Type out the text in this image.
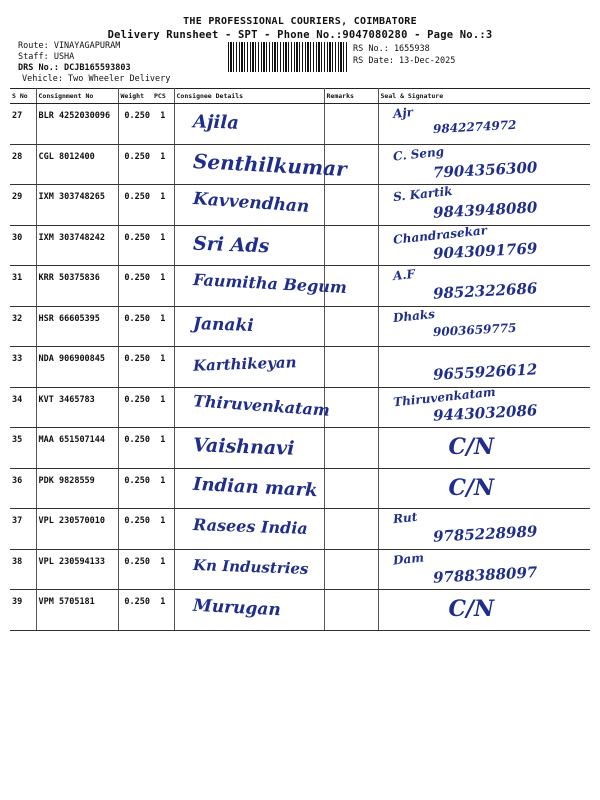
THE PROFESSIONAL COURIERS, COIMBATORE
Delivery Runsheet - SPT - Phone No.:9047080280 - Page No.:3
Route: VINAYAGAPURAM
Staff: USHA
DRS No.: DCJB165593803
Vehicle: Two Wheeler Delivery
RS No.: 1655938
RS Date: 13-Dec-2025
S No	Consignment No	Weight	PCS	Consignee Details	Remarks	Seal & Signature
27	BLR 4252030096	0.250	1	Ajila		Ajr
9842274972

28	CGL 8012400	0.250	1	Senthilkumar		C. Seng
7904356300

29	IXM 303748265	0.250	1	Kavvendhan		S. Kartik
9843948080

30	IXM 303748242	0.250	1	Sri Ads		Chandrasekar
9043091769

31	KRR 50375836	0.250	1	Faumitha Begum		A.F
9852322686

32	HSR 66605395	0.250	1	Janaki		Dhaks
9003659775

33	NDA 906900845	0.250	1	Karthikeyan		9655926612

34	KVT 3465783	0.250	1	Thiruvenkatam		Thiruvenkatam
9443032086

35	MAA 651507144	0.250	1	Vaishnavi		C/N

36	PDK 9828559	0.250	1	Indian mark		C/N

37	VPL 230570010	0.250	1	Rasees India		Rut
9785228989

38	VPL 230594133	0.250	1	Kn Industries		Dam
9788388097

39	VPM 5705181	0.250	1	Murugan		C/N
